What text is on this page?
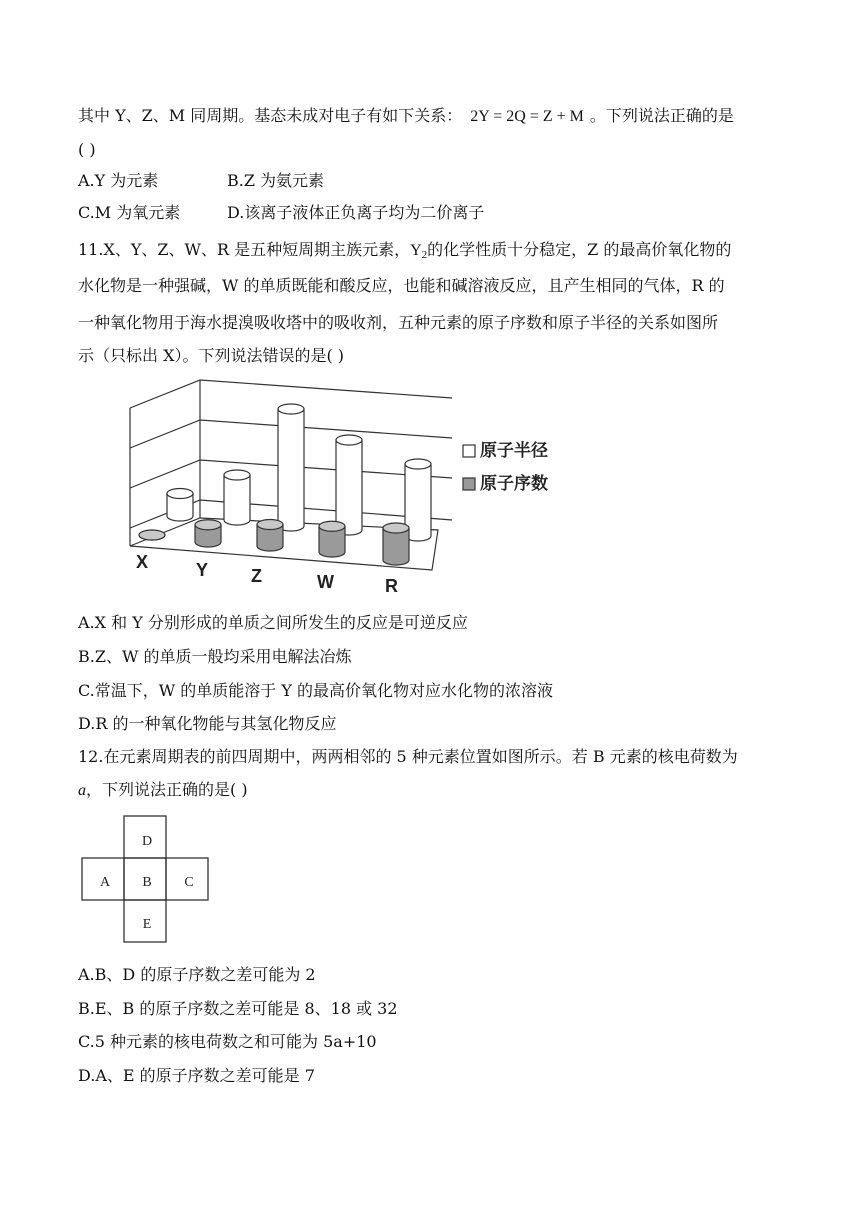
其中 Y、Z、M 同周期。基态未成对电子有如下关系： 2Y = 2Q = Z + M 。下列说法正确的是
( )
A.Y 为元素	B.Z 为氨元素
C.M 为氧元素	D.该离子液体正负离子均为二价离子
11.X、Y、Z、W、R 是五种短周期主族元素，$Y_2$的化学性质十分稳定，Z 的最高价氧化物的
水化物是一种强碱，W 的单质既能和酸反应，也能和碱溶液反应，且产生相同的气体，R 的
一种氧化物用于海水提溴吸收塔中的吸收剂，五种元素的原子序数和原子半径的关系如图所
示（只标出 X）。下列说法错误的是( )
X	Y Z	W	R
原子半径
原子序数
A.X 和 Y 分别形成的单质之间所发生的反应是可逆反应
B.Z、W 的单质一般均采用电解法冶炼
C.常温下，W 的单质能溶于 Y 的最高价氧化物对应水化物的浓溶液
D.R 的一种氧化物能与其氢化物反应
12.在元素周期表的前四周期中，两两相邻的 5 种元素位置如图所示。若 B 元素的核电荷数为
a，下列说法正确的是( )
D
A B C
E
A.B、D 的原子序数之差可能为 2
B.E、B 的原子序数之差可能是 8、18 或 32
C.5 种元素的核电荷数之和可能为 5a+10
D.A、E 的原子序数之差可能是 7
